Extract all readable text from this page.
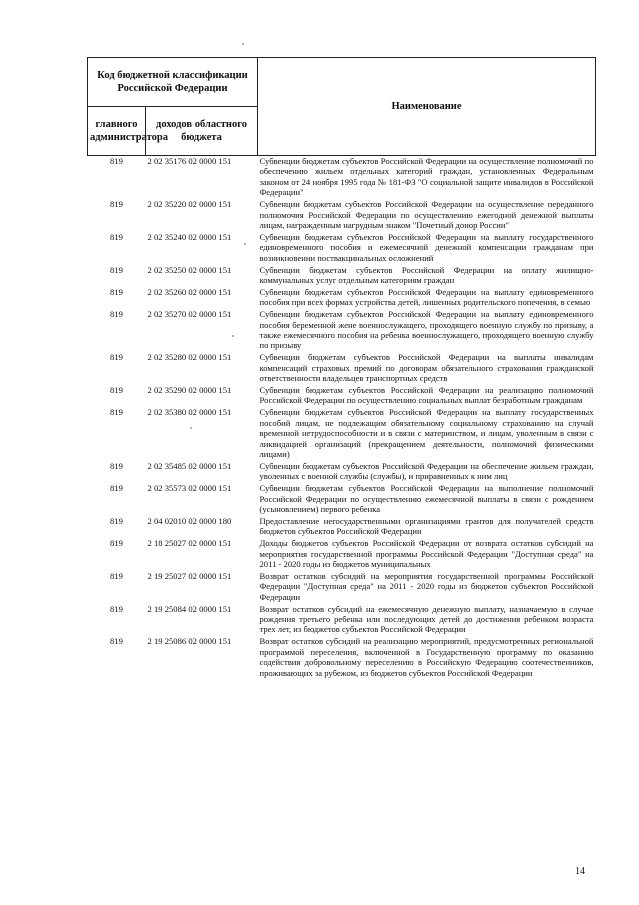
Код бюджетной классификации Российской Федерации		Наименование
главного администратора	доходов областного бюджета	
819	2 02 35176 02 0000 151	Субвенции бюджетам субъектов Российской Федерации на осуществление полномочий по обеспечению жильем отдельных категорий граждан, установленных Федеральным законом от 24 ноября 1995 года № 181-ФЗ "О социальной защите инвалидов в Российской Федерации"
819	2 02 35220 02 0000 151	Субвенции бюджетам субъектов Российской Федерации на осуществление переданного полномочия Российской Федерации по осуществлению ежегодной денежной выплаты лицам, награжденным нагрудным знаком "Почетный донор России"
819	2 02 35240 02 0000 151	Субвенции бюджетам субъектов Российской Федерации на выплату государственного единовременного пособия и ежемесячной денежной компенсации гражданам при возникновении поствакцинальных осложнений
819	2 02 35250 02 0000 151	Субвенции бюджетам субъектов Российской Федерации на оплату жилищно-коммунальных услуг отдельным категориям граждан
819	2 02 35260 02 0000 151	Субвенции бюджетам субъектов Российской Федерации на выплату единовременного пособия при всех формах устройства детей, лишенных родительского попечения, в семью
819	2 02 35270 02 0000 151	Субвенции бюджетам субъектов Российской Федерации на выплату единовременного пособия беременной жене военнослужащего, проходящего военную службу по призыву, а также ежемесячного пособия на ребенка военнослужащего, проходящего военную службу по призыву
819	2 02 35280 02 0000 151	Субвенции бюджетам субъектов Российской Федерации на выплаты инвалидам компенсаций страховых премий по договорам обязательного страхования гражданской ответственности владельцев транспортных средств
819	2 02 35290 02 0000 151	Субвенции бюджетам субъектов Российской Федерации на реализацию полномочий Российской Федерации по осуществлению социальных выплат безработным гражданам
819	2 02 35380 02 0000 151	Субвенции бюджетам субъектов Российской Федерации на выплату государственных пособий лицам, не подлежащим обязательному социальному страхованию на случай временной нетрудоспособности и в связи с материнством, и лицам, уволенным в связи с ликвидацией организаций (прекращением деятельности, полномочий физическими лицами)
819	2 02 35485 02 0000 151	Субвенции бюджетам субъектов Российской Федерации на обеспечение жильем граждан, уволенных с военной службы (службы), и приравненных к ним лиц
819	2 02 35573 02 0000 151	Субвенции бюджетам субъектов Российской Федерации на выполнение полномочий Российской Федерации по осуществлению ежемесячной выплаты в связи с рождением (усыновлением) первого ребенка
819	2 04 02010 02 0000 180	Предоставление негосударственными организациями грантов для получателей средств бюджетов субъектов Российской Федерации
819	2 18 25027 02 0000 151	Доходы бюджетов субъектов Российской Федерации от возврата остатков субсидий на мероприятия государственной программы Российской Федерации "Доступная среда" на 2011 - 2020 годы из бюджетов муниципальных
819	2 19 25027 02 0000 151	Возврат остатков субсидий на мероприятия государственной программы Российской Федерации "Доступная среда" на 2011 - 2020 годы из бюджетов субъектов Российской Федерации
819	2 19 25084 02 0000 151	Возврат остатков субсидий на ежемесячную денежную выплату, назначаемую в случае рождения третьего ребенка или последующих детей до достижения ребенком возраста трех лет, из бюджетов субъектов Российской Федерации
819	2 19 25086 02 0000 151	Возврат остатков субсидий на реализацию мероприятий, предусмотренных региональной программой переселения, включенной в Государственную программу по оказанию содействия добровольному переселению в Российскую Федерацию соотечественников, проживающих за рубежом, из бюджетов субъектов Российской Федерации
14
